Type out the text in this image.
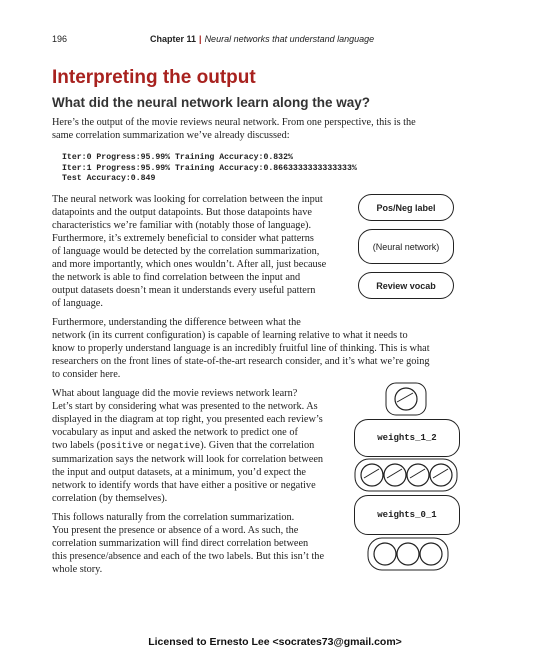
196	Chapter 11 | Neural networks that understand language
Interpreting the output
What did the neural network learn along the way?
Here’s the output of the movie reviews neural network. From one perspective, this is the
same correlation summarization we’ve already discussed:
Iter:0 Progress:95.99% Training Accuracy:0.832%
Iter:1 Progress:95.99% Training Accuracy:0.8663333333333333%
Test Accuracy:0.849
The neural network was looking for correlation between the input
datapoints and the output datapoints. But those datapoints have
characteristics we’re familiar with (notably those of language).
Furthermore, it’s extremely beneficial to consider what patterns
of language would be detected by the correlation summarization,
and more importantly, which ones wouldn’t. After all, just because
the network is able to find correlation between the input and
output datasets doesn’t mean it understands every useful pattern
of language.
Pos/Neg label
(Neural network)
Review vocab
Furthermore, understanding the difference between what the
network (in its current configuration) is capable of learning relative to what it needs to
know to properly understand language is an incredibly fruitful line of thinking. This is what
researchers on the front lines of state-of-the-art research consider, and it’s what we’re going
to consider here.
What about language did the movie reviews network learn?
Let’s start by considering what was presented to the network. As
displayed in the diagram at top right, you presented each review’s
vocabulary as input and asked the network to predict one of
two labels (positive or negative). Given that the correlation
summarization says the network will look for correlation between
the input and output datasets, at a minimum, you’d expect the
network to identify words that have either a positive or negative
correlation (by themselves).
This follows naturally from the correlation summarization.
You present the presence or absence of a word. As such, the
correlation summarization will find direct correlation between
this presence/absence and each of the two labels. But this isn’t the
whole story.
weights_1_2
weights_0_1
Licensed to Ernesto Lee <socrates73@gmail.com>
